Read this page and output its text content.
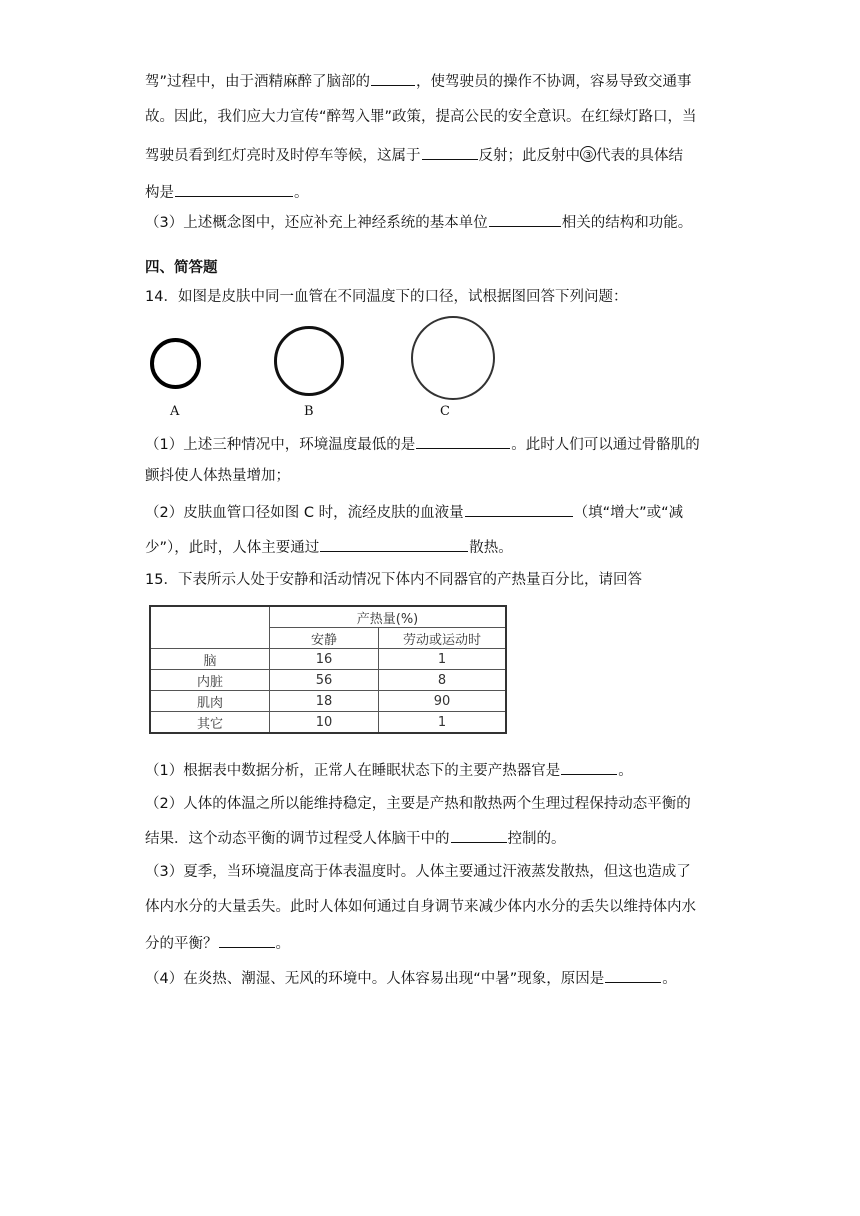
驾”过程中，由于酒精麻醉了脑部的	，使驾驶员的操作不协调，容易导致交通事
故。因此，我们应大力宣传“醉驾入罪”政策，提高公民的安全意识。在红绿灯路口，当
驾驶员看到红灯亮时及时停车等候，这属于	反射；此反射中 ③ 代表的具体结
构是	。
（3）上述概念图中，还应补充上神经系统的基本单位	相关的结构和功能。
四、简答题
14．如图是皮肤中同一血管在不同温度下的口径，试根据图回答下列问题：
A	B	C
（1）上述三种情况中，环境温度最低的是	。此时人们可以通过骨骼肌的
颤抖使人体热量增加；
（2）皮肤血管口径如图 C 时，流经皮肤的血液量	（填“增大”或“减
少”），此时，人体主要通过	散热。
15．下表所示人处于安静和活动情况下体内不同器官的产热量百分比，请回答
	产热量(%)	
	安静	劳动或运动时
脑	16	1
内脏	56	8
肌肉	18	90
其它	10	1
（1）根据表中数据分析，正常人在睡眠状态下的主要产热器官是	。
（2）人体的体温之所以能维持稳定，主要是产热和散热两个生理过程保持动态平衡的
结果．这个动态平衡的调节过程受人体脑干中的	控制的。
（3）夏季，当环境温度高于体表温度时。人体主要通过汗液蒸发散热，但这也造成了
体内水分的大量丢失。此时人体如何通过自身调节来减少体内水分的丢失以维持体内水
分的平衡？	。
（4）在炎热、潮湿、无风的环境中。人体容易出现“中暑”现象，原因是	。
